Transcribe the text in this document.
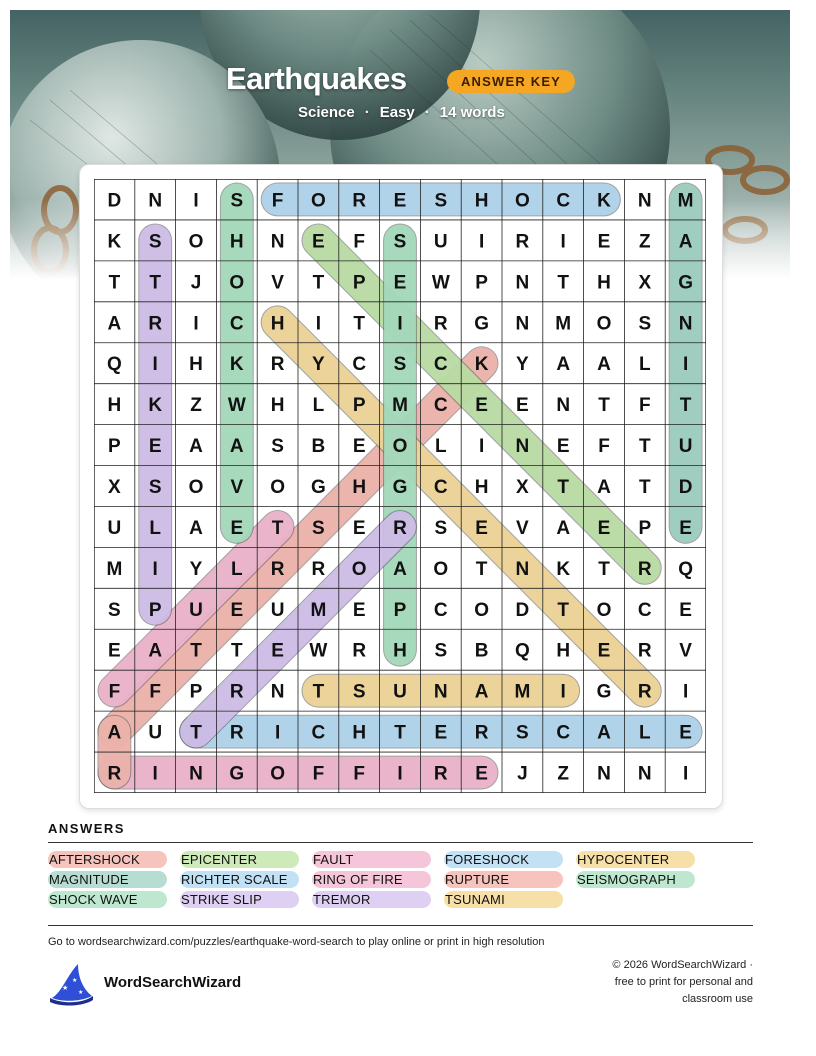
Earthquakes	ANSWER KEY
Science · Easy · 14 words
D N I S F O R E S H O C K N M
K S O H N E F S U I R I E Z A
T T J O V T P E W P N T H X G
A R I C H I T I R G N M O S N
Q I H K R Y C S C K Y A A L I
H K Z W H L P M C E E N T F T
P E A A S B E O L I N E F T U
X S O V O G H G C H X T A T D
U L A E T S E R S E V A E P E
M I Y L R R O A O T N K T R Q
S P U E U M E P C O D T O C E
E A T T E W R H S B Q H E R V
F F P R N T S U N A M I G R I
A U T R I C H T E R S C A L E
R I N G O F F I R E J Z N N I
ANSWERS
AFTERSHOCK	EPICENTER	FAULT	FORESHOCK	HYPOCENTER
MAGNITUDE	RICHTER SCALE	RING OF FIRE	RUPTURE	SEISMOGRAPH
SHOCK WAVE	STRIKE SLIP	TREMOR	TSUNAMI
Go to wordsearchwizard.com/puzzles/earthquake-word-search to play online or print in high resolution
★
★
★
WordSearchWizard
© 2026 WordSearchWizard ·
free to print for personal and
classroom use
